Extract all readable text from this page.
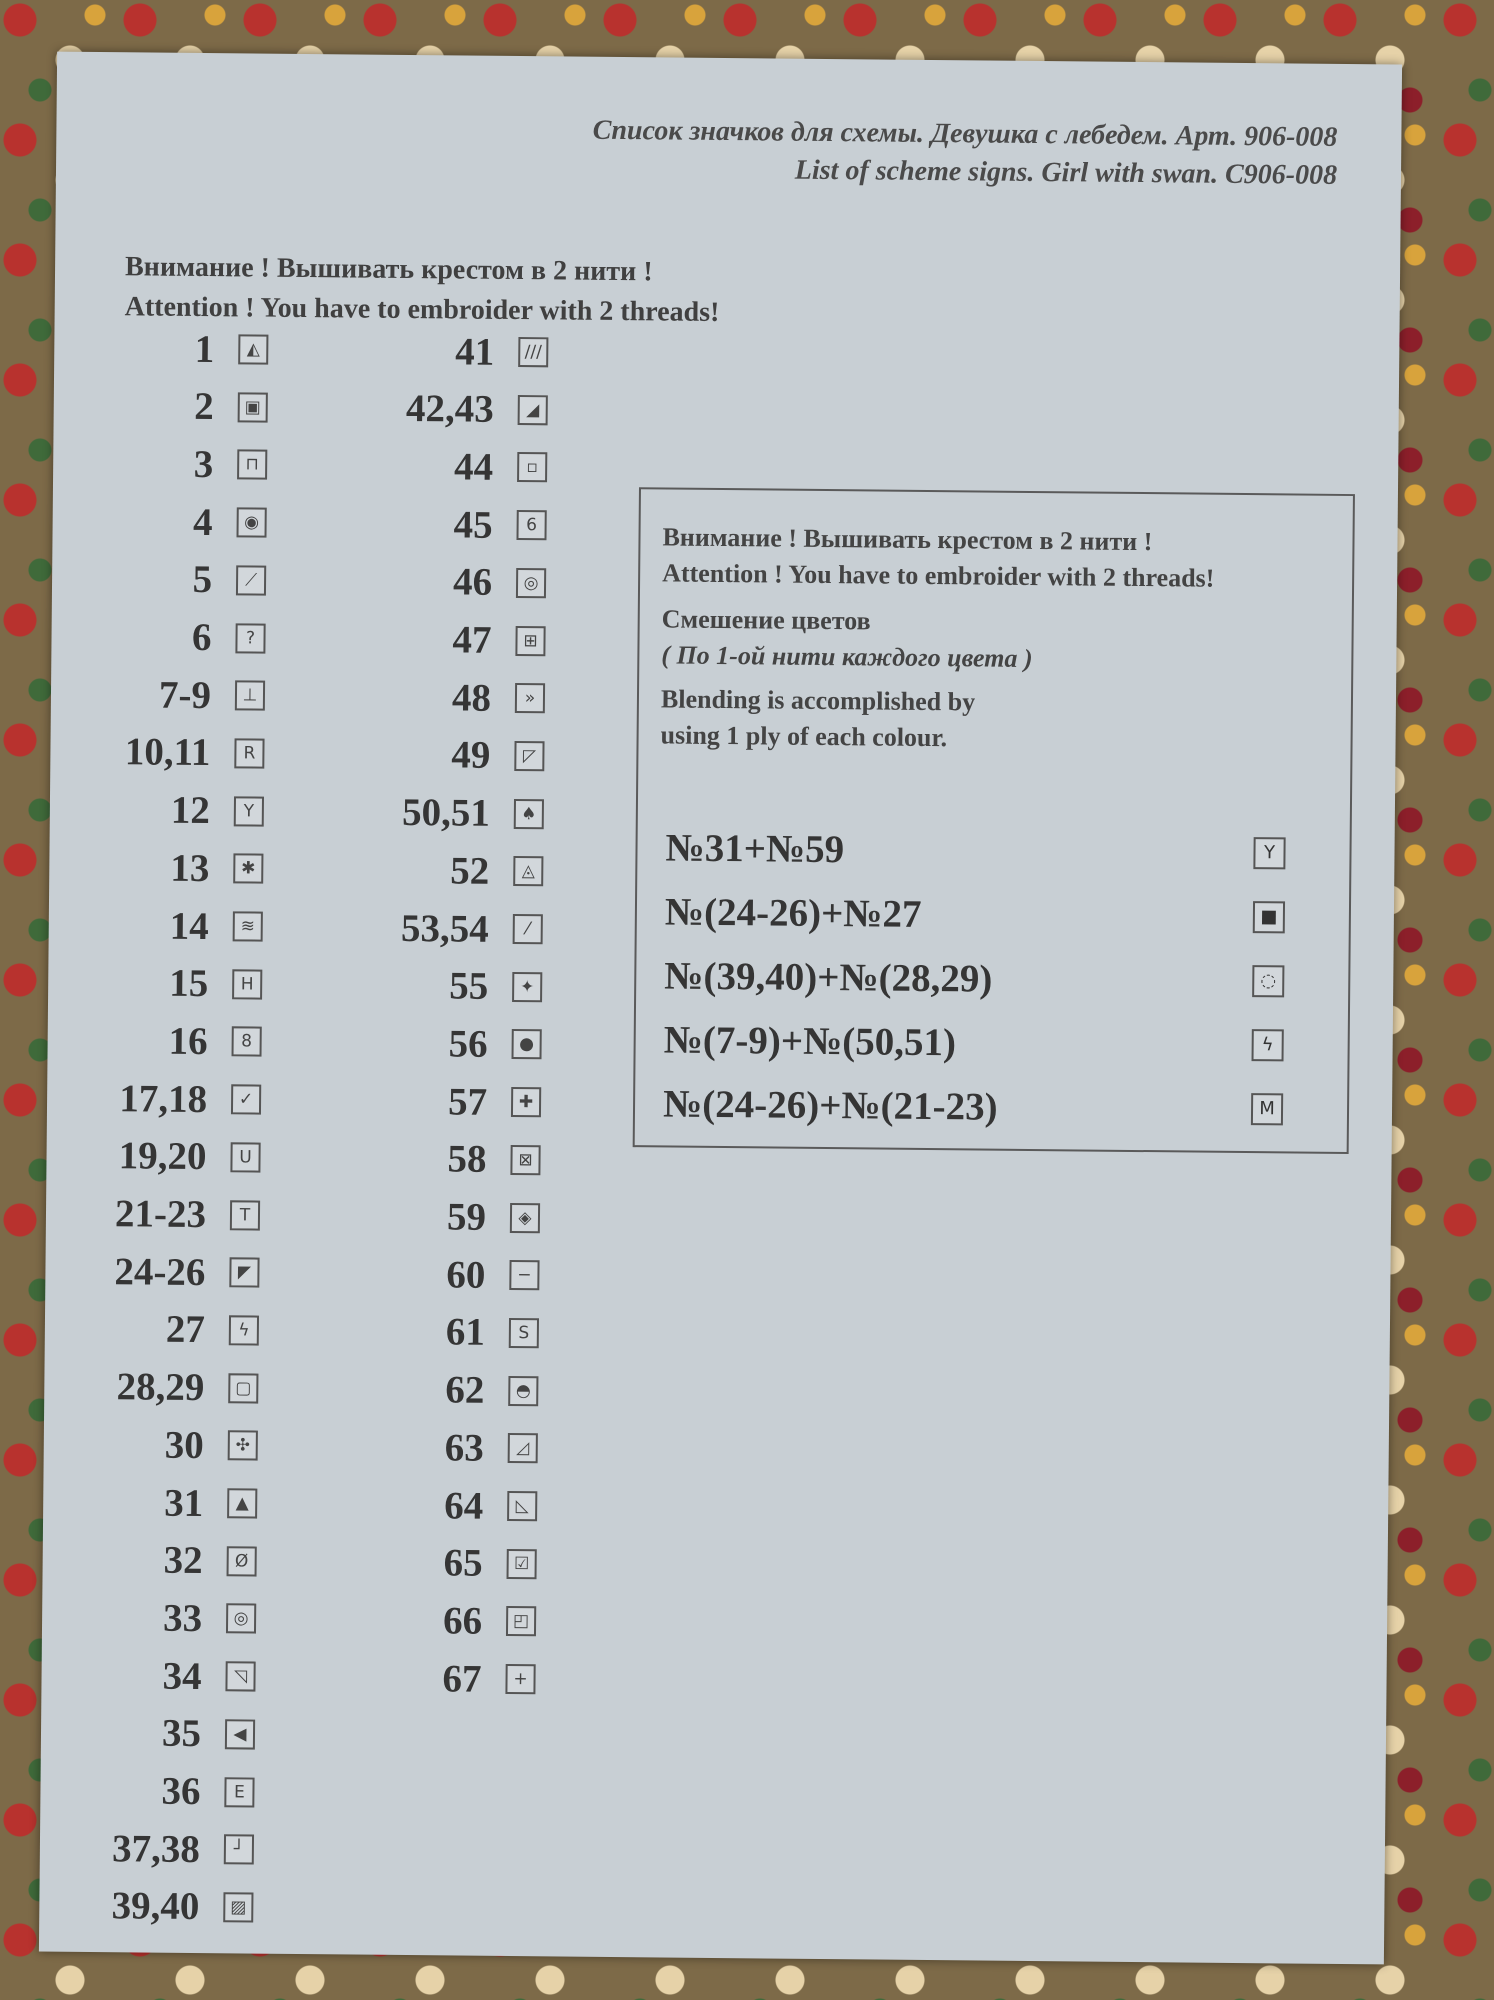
Список значков для схемы. Девушка с лебедем. Арт. 906-008
List of scheme signs. Girl with swan. C906-008
Внимание ! Вышивать крестом в 2 нити !
Attention ! You have to embroider with 2 threads!
1	◭
2	▣
3	⊓
4	◉
5	⟋
6	?
7-9	⊥
10,11	R
12	Y
13	✱
14	≋
15	H
16	8
17,18	✓
19,20	U
21-23	T
24-26	◤
27	ϟ
28,29	▢
30	✣
31	▲
32	Ø
33	◎
34	◹
35	◀
36	E
37,38	┘
39,40	▨
41	///
42,43	◢
44	▫
45	6
46	◎
47	⊞
48	»
49	◸
50,51	♠
52	◬
53,54	⁄
55	✦
56	●
57	✚
58	⊠
59	◈
60	−
61	S
62	◓
63	◿
64	◺
65	☑
66	◰
67	+
Внимание ! Вышивать крестом в 2 нити !
Attention ! You have to embroider with 2 threads!
Смешение цветов
( По 1-ой нити каждого цвета )
Blending is accomplished by
using 1 ply of each colour.
№31+№59	Y
№(24-26)+№27	■
№(39,40)+№(28,29)	◌
№(7-9)+№(50,51)	ϟ
№(24-26)+№(21-23)	M
